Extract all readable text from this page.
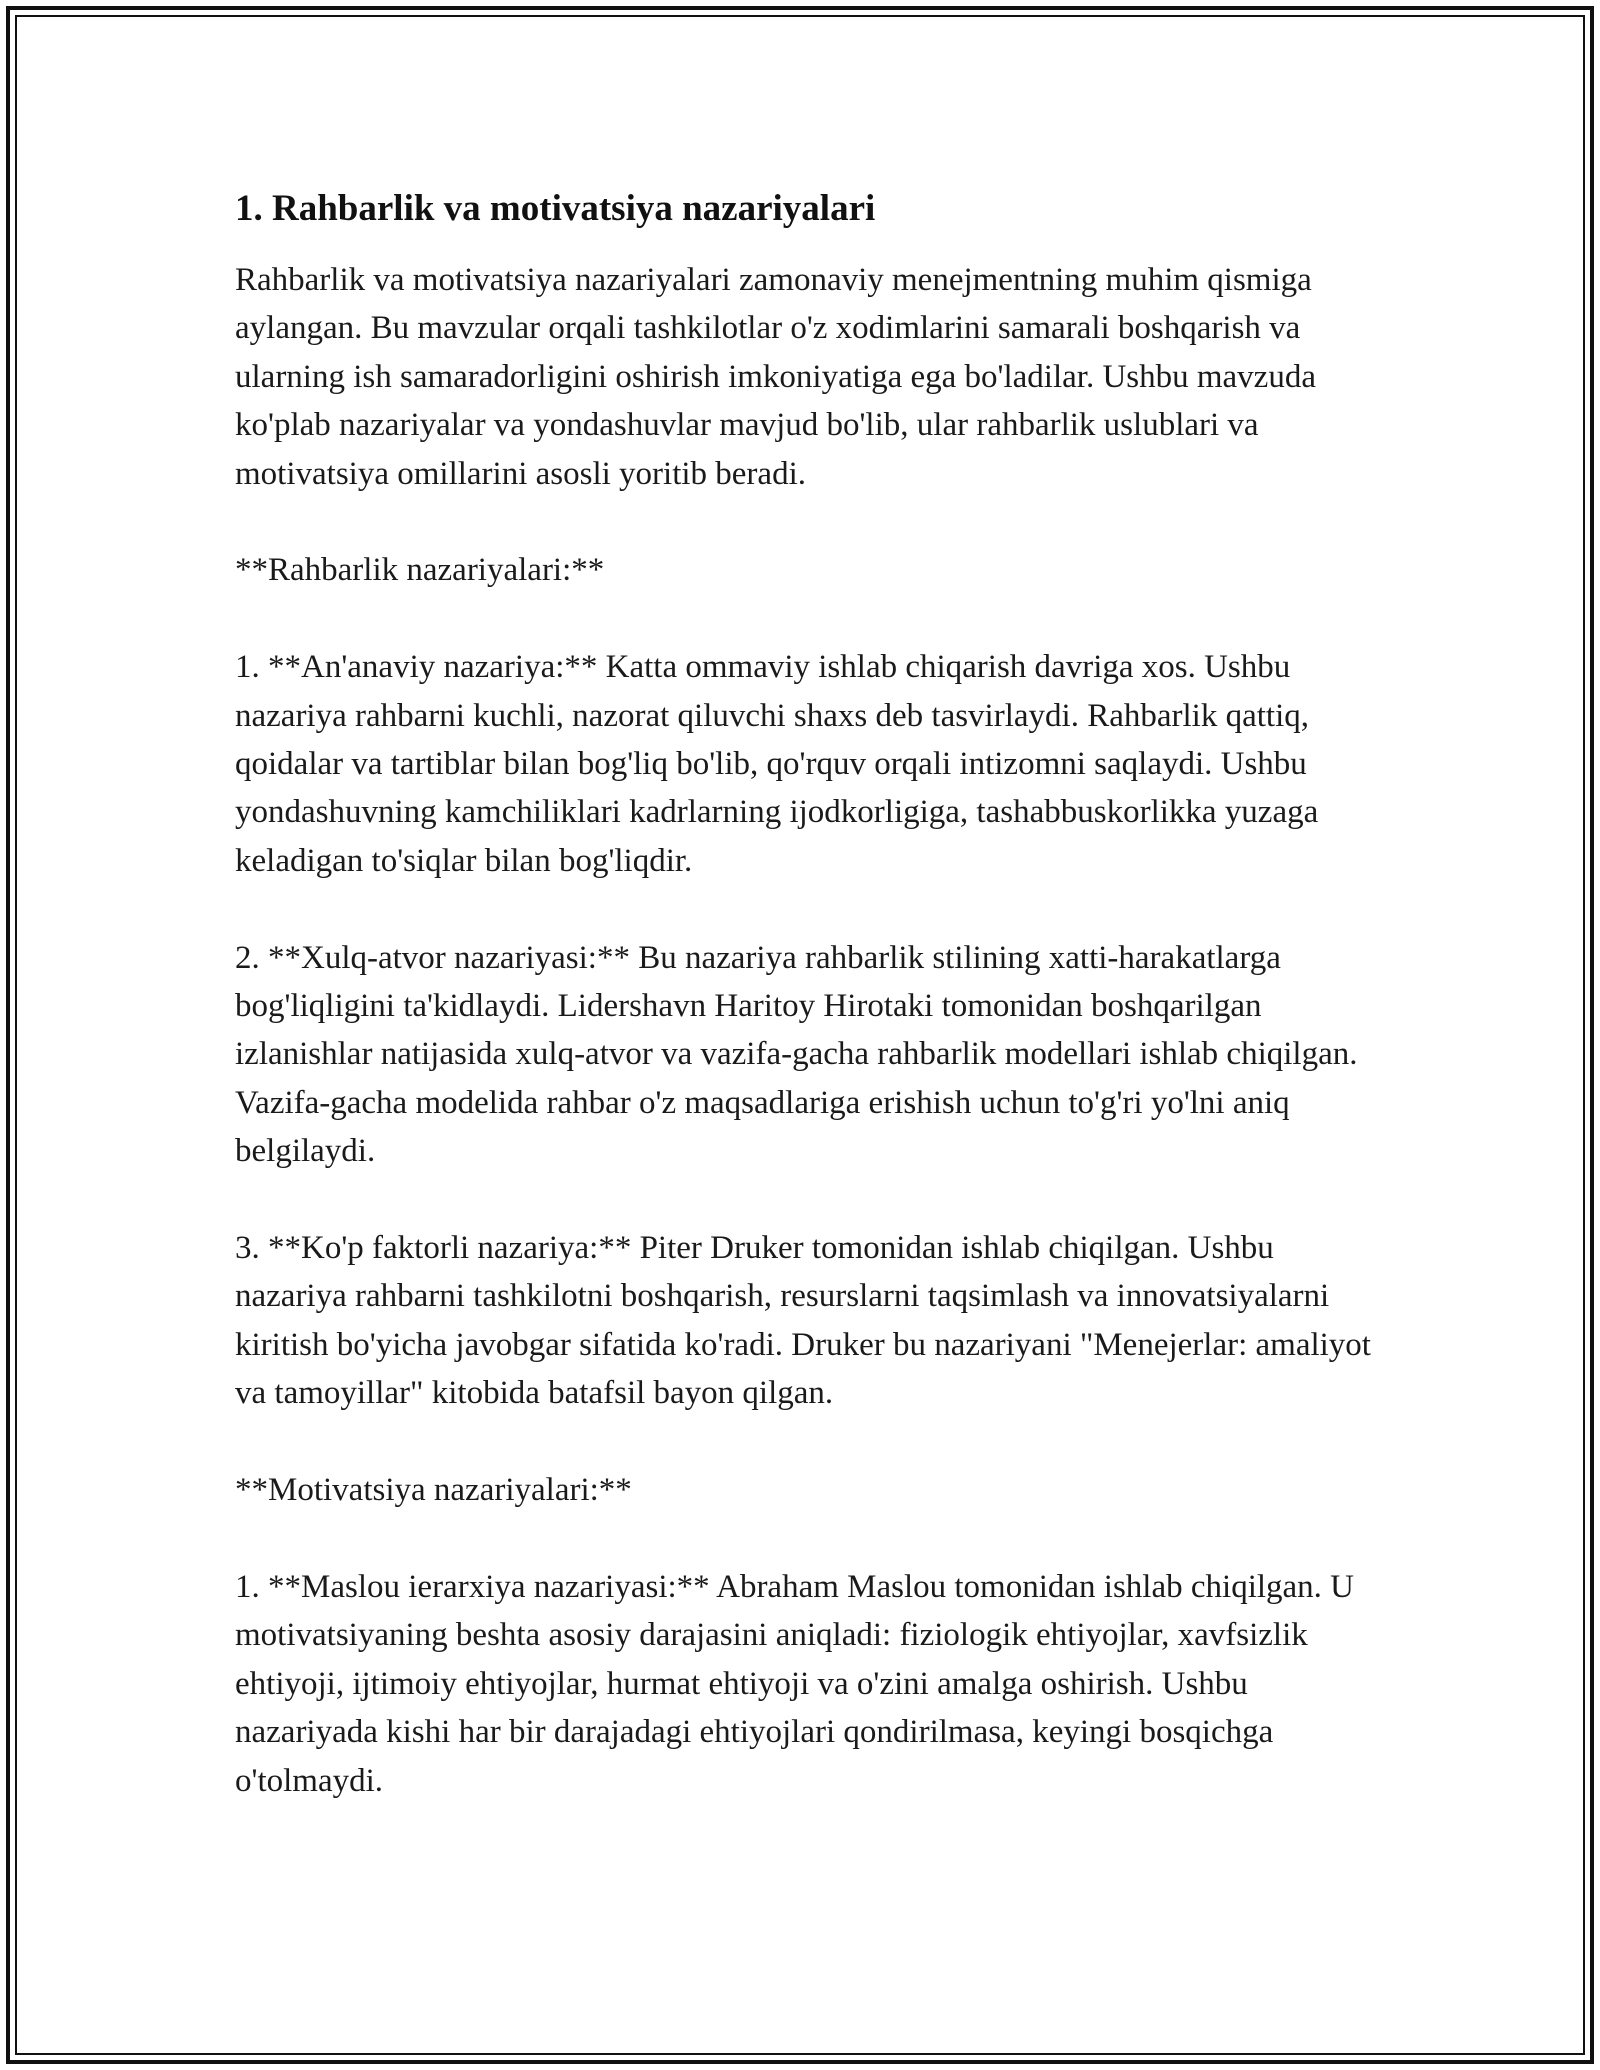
1. Rahbarlik va motivatsiya nazariyalari

Rahbarlik va motivatsiya nazariyalari zamonaviy menejmentning muhim qismiga aylangan. Bu mavzular orqali tashkilotlar o'z xodimlarini samarali boshqarish va ularning ish samaradorligini oshirish imkoniyatiga ega bo'ladilar. Ushbu mavzuda ko'plab nazariyalar va yondashuvlar mavjud bo'lib, ular rahbarlik uslublari va motivatsiya omillarini asosli yoritib beradi.

**Rahbarlik nazariyalari:**

1. **An'anaviy nazariya:** Katta ommaviy ishlab chiqarish davriga xos. Ushbu nazariya rahbarni kuchli, nazorat qiluvchi shaxs deb tasvirlaydi. Rahbarlik qattiq, qoidalar va tartiblar bilan bog'liq bo'lib, qo'rquv orqali intizomni saqlaydi. Ushbu yondashuvning kamchiliklari kadrlarning ijodkorligiga, tashabbuskorlikka yuzaga keladigan to'siqlar bilan bog'liqdir.

2. **Xulq-atvor nazariyasi:** Bu nazariya rahbarlik stilining xatti-harakatlarga bog'liqligini ta'kidlaydi. Lidershavn Haritoy Hirotaki tomonidan boshqarilgan izlanishlar natijasida xulq-atvor va vazifa-gacha rahbarlik modellari ishlab chiqilgan. Vazifa-gacha modelida rahbar o'z maqsadlariga erishish uchun to'g'ri yo'lni aniq belgilaydi.

3. **Ko'p faktorli nazariya:** Piter Druker tomonidan ishlab chiqilgan. Ushbu nazariya rahbarni tashkilotni boshqarish, resurslarni taqsimlash va innovatsiyalarni kiritish bo'yicha javobgar sifatida ko'radi. Druker bu nazariyani "Menejerlar: amaliyot va tamoyillar" kitobida batafsil bayon qilgan.

**Motivatsiya nazariyalari:**

1. **Maslou ierarxiya nazariyasi:** Abraham Maslou tomonidan ishlab chiqilgan. U motivatsiyaning beshta asosiy darajasini aniqladi: fiziologik ehtiyojlar, xavfsizlik ehtiyoji, ijtimoiy ehtiyojlar, hurmat ehtiyoji va o'zini amalga oshirish. Ushbu nazariyada kishi har bir darajadagi ehtiyojlari qondirilmasa, keyingi bosqichga o'tolmaydi.
